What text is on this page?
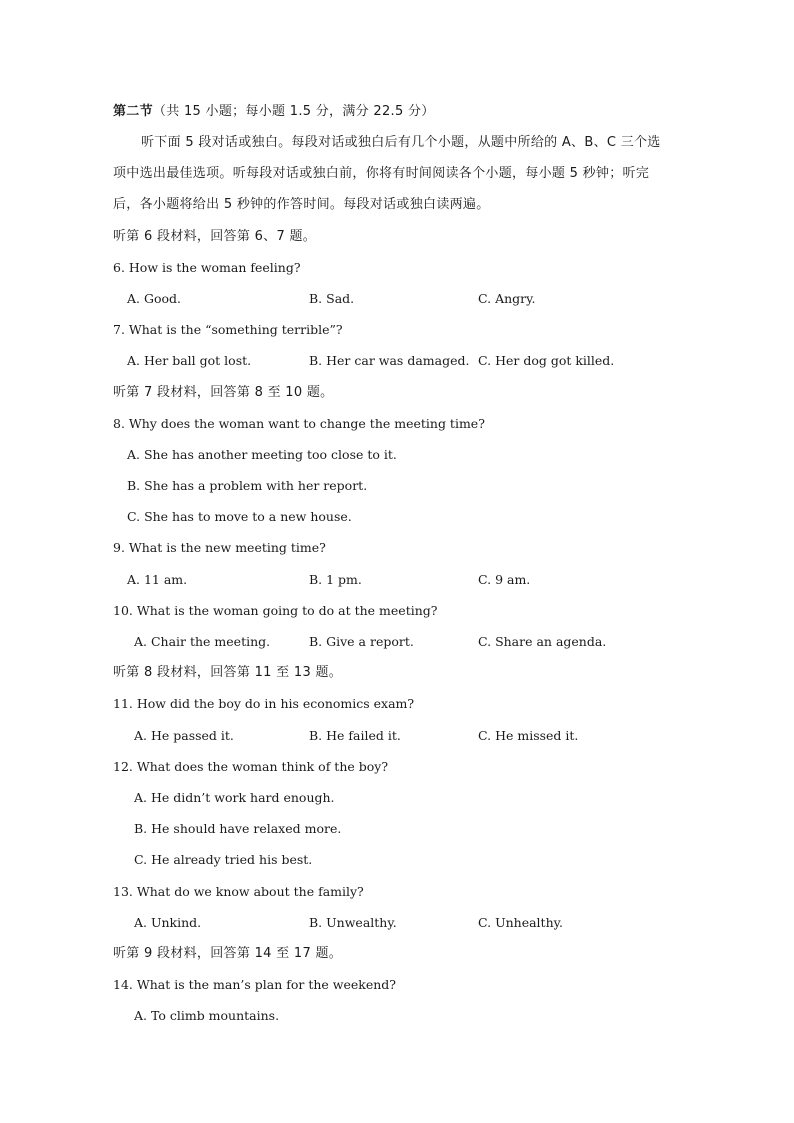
第二节（共 15 小题；每小题 1.5 分，满分 22.5 分）
听下面 5 段对话或独白。每段对话或独白后有几个小题，从题中所给的 A、B、C 三个选
项中选出最佳选项。听每段对话或独白前，你将有时间阅读各个小题，每小题 5 秒钟；听完
后，各小题将给出 5 秒钟的作答时间。每段对话或独白读两遍。
听第 6 段材料，回答第 6、7 题。
6. How is the woman feeling?
A. Good.	B. Sad.	C. Angry.
7. What is the “something terrible”?
A. Her ball got lost.	B. Her car was damaged. C. Her dog got killed.
听第 7 段材料，回答第 8 至 10 题。
8. Why does the woman want to change the meeting time?
A. She has another meeting too close to it.
B. She has a problem with her report.
C. She has to move to a new house.
9. What is the new meeting time?
A. 11 am.	B. 1 pm.	C. 9 am.
10. What is the woman going to do at the meeting?
A. Chair the meeting.	B. Give a report.	C. Share an agenda.
听第 8 段材料，回答第 11 至 13 题。
11. How did the boy do in his economics exam?
A. He passed it.	B. He failed it.	C. He missed it.
12. What does the woman think of the boy?
A. He didn’t work hard enough.
B. He should have relaxed more.
C. He already tried his best.
13. What do we know about the family?
A. Unkind.	B. Unwealthy.	C. Unhealthy.
听第 9 段材料，回答第 14 至 17 题。
14. What is the man’s plan for the weekend?
A. To climb mountains.
